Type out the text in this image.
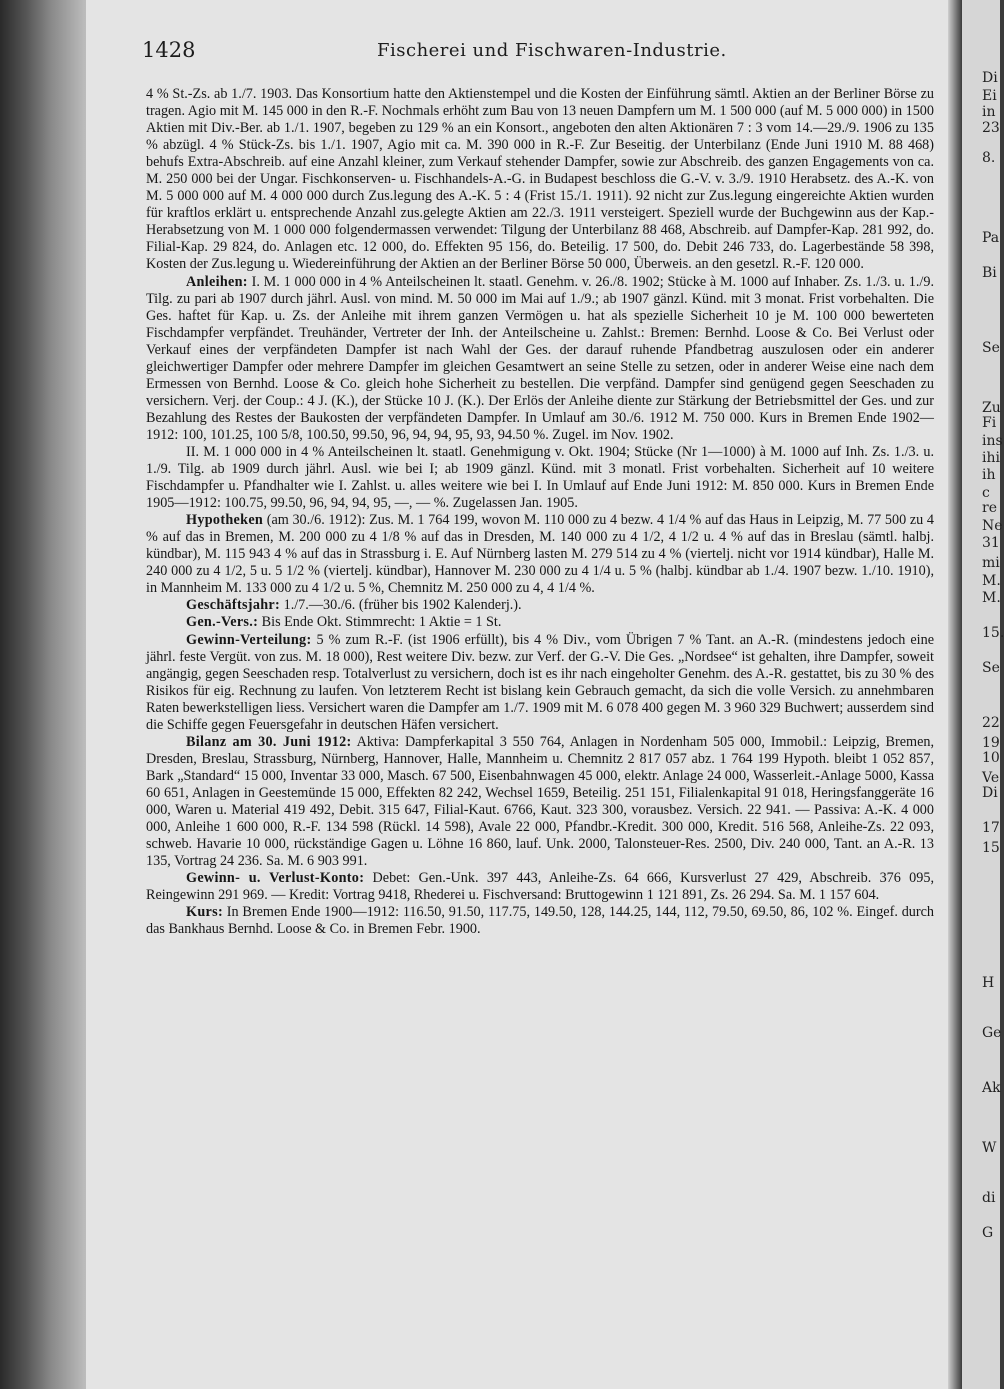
1428	Fischerei und Fischwaren-Industrie.

4 % St.-Zs. ab 1./7. 1903. Das Konsortium hatte den Aktienstempel und die Kosten der Einführung sämtl. Aktien an der Berliner Börse zu tragen. Agio mit M. 145 000 in den R.-F. Nochmals erhöht zum Bau von 13 neuen Dampfern um M. 1 500 000 (auf M. 5 000 000) in 1500 Aktien mit Div.-Ber. ab 1./1. 1907, begeben zu 129 % an ein Konsort., angeboten den alten Aktionären 7 : 3 vom 14.—29./9. 1906 zu 135 % abzügl. 4 % Stück-Zs. bis 1./1. 1907, Agio mit ca. M. 390 000 in R.-F. Zur Beseitig. der Unterbilanz (Ende Juni 1910 M. 88 468) behufs Extra-Abschreib. auf eine Anzahl kleiner, zum Verkauf stehender Dampfer, sowie zur Abschreib. des ganzen Engagements von ca. M. 250 000 bei der Ungar. Fischkonserven- u. Fischhandels-A.-G. in Budapest beschloss die G.-V. v. 3./9. 1910 Herabsetz. des A.-K. von M. 5 000 000 auf M. 4 000 000 durch Zus.legung des A.-K. 5 : 4 (Frist 15./1. 1911). 92 nicht zur Zus.legung eingereichte Aktien wurden für kraftlos erklärt u. entsprechende Anzahl zus.gelegte Aktien am 22./3. 1911 versteigert. Speziell wurde der Buchgewinn aus der Kap.-Herabsetzung von M. 1 000 000 folgendermassen verwendet: Tilgung der Unterbilanz 88 468, Abschreib. auf Dampfer-Kap. 281 992, do. Filial-Kap. 29 824, do. Anlagen etc. 12 000, do. Effekten 95 156, do. Beteilig. 17 500, do. Debit 246 733, do. Lagerbestände 58 398, Kosten der Zus.legung u. Wiedereinführung der Aktien an der Berliner Börse 50 000, Überweis. an den gesetzl. R.-F. 120 000.

Anleihen: I. M. 1 000 000 in 4 % Anteilscheinen lt. staatl. Genehm. v. 26./8. 1902; Stücke à M. 1000 auf Inhaber. Zs. 1./3. u. 1./9. Tilg. zu pari ab 1907 durch jährl. Ausl. von mind. M. 50 000 im Mai auf 1./9.; ab 1907 gänzl. Künd. mit 3 monat. Frist vorbehalten. Die Ges. haftet für Kap. u. Zs. der Anleihe mit ihrem ganzen Vermögen u. hat als spezielle Sicherheit 10 je M. 100 000 bewerteten Fischdampfer verpfändet. Treuhänder, Vertreter der Inh. der Anteilscheine u. Zahlst.: Bremen: Bernhd. Loose & Co. Bei Verlust oder Verkauf eines der verpfändeten Dampfer ist nach Wahl der Ges. der darauf ruhende Pfandbetrag auszulosen oder ein anderer gleichwertiger Dampfer oder mehrere Dampfer im gleichen Gesamtwert an seine Stelle zu setzen, oder in anderer Weise eine nach dem Ermessen von Bernhd. Loose & Co. gleich hohe Sicherheit zu bestellen. Die verpfänd. Dampfer sind genügend gegen Seeschaden zu versichern. Verj. der Coup.: 4 J. (K.), der Stücke 10 J. (K.). Der Erlös der Anleihe diente zur Stärkung der Betriebsmittel der Ges. und zur Bezahlung des Restes der Baukosten der verpfändeten Dampfer. In Umlauf am 30./6. 1912 M. 750 000. Kurs in Bremen Ende 1902—1912: 100, 101.25, 100 5/8, 100.50, 99.50, 96, 94, 94, 95, 93, 94.50 %. Zugel. im Nov. 1902.

II. M. 1 000 000 in 4 % Anteilscheinen lt. staatl. Genehmigung v. Okt. 1904; Stücke (Nr 1—1000) à M. 1000 auf Inh. Zs. 1./3. u. 1./9. Tilg. ab 1909 durch jährl. Ausl. wie bei I; ab 1909 gänzl. Künd. mit 3 monatl. Frist vorbehalten. Sicherheit auf 10 weitere Fischdampfer u. Pfandhalter wie I. Zahlst. u. alles weitere wie bei I. In Umlauf auf Ende Juni 1912: M. 850 000. Kurs in Bremen Ende 1905—1912: 100.75, 99.50, 96, 94, 94, 95, —, — %. Zugelassen Jan. 1905.

Hypotheken (am 30./6. 1912): Zus. M. 1 764 199, wovon M. 110 000 zu 4 bezw. 4 1/4 % auf das Haus in Leipzig, M. 77 500 zu 4 % auf das in Bremen, M. 200 000 zu 4 1/8 % auf das in Dresden, M. 140 000 zu 4 1/2, 4 1/2 u. 4 % auf das in Breslau (sämtl. halbj. kündbar), M. 115 943 4 % auf das in Strassburg i. E. Auf Nürnberg lasten M. 279 514 zu 4 % (viertelj. nicht vor 1914 kündbar), Halle M. 240 000 zu 4 1/2, 5 u. 5 1/2 % (viertelj. kündbar), Hannover M. 230 000 zu 4 1/4 u. 5 % (halbj. kündbar ab 1./4. 1907 bezw. 1./10. 1910), in Mannheim M. 133 000 zu 4 1/2 u. 5 %, Chemnitz M. 250 000 zu 4, 4 1/4 %.

Geschäftsjahr: 1./7.—30./6. (früher bis 1902 Kalenderj.).

Gen.-Vers.: Bis Ende Okt. Stimmrecht: 1 Aktie = 1 St.

Gewinn-Verteilung: 5 % zum R.-F. (ist 1906 erfüllt), bis 4 % Div., vom Übrigen 7 % Tant. an A.-R. (mindestens jedoch eine jährl. feste Vergüt. von zus. M. 18 000), Rest weitere Div. bezw. zur Verf. der G.-V. Die Ges. „Nordsee“ ist gehalten, ihre Dampfer, soweit angängig, gegen Seeschaden resp. Totalverlust zu versichern, doch ist es ihr nach eingeholter Genehm. des A.-R. gestattet, bis zu 30 % des Risikos für eig. Rechnung zu laufen. Von letzterem Recht ist bislang kein Gebrauch gemacht, da sich die volle Versich. zu annehmbaren Raten bewerkstelligen liess. Versichert waren die Dampfer am 1./7. 1909 mit M. 6 078 400 gegen M. 3 960 329 Buchwert; ausserdem sind die Schiffe gegen Feuersgefahr in deutschen Häfen versichert.

Bilanz am 30. Juni 1912: Aktiva: Dampferkapital 3 550 764, Anlagen in Nordenham 505 000, Immobil.: Leipzig, Bremen, Dresden, Breslau, Strassburg, Nürnberg, Hannover, Halle, Mannheim u. Chemnitz 2 817 057 abz. 1 764 199 Hypoth. bleibt 1 052 857, Bark „Standard“ 15 000, Inventar 33 000, Masch. 67 500, Eisenbahnwagen 45 000, elektr. Anlage 24 000, Wasserleit.-Anlage 5000, Kassa 60 651, Anlagen in Geestemünde 15 000, Effekten 82 242, Wechsel 1659, Beteilig. 251 151, Filialenkapital 91 018, Heringsfanggeräte 16 000, Waren u. Material 419 492, Debit. 315 647, Filial-Kaut. 6766, Kaut. 323 300, vorausbez. Versich. 22 941. — Passiva: A.-K. 4 000 000, Anleihe 1 600 000, R.-F. 134 598 (Rückl. 14 598), Avale 22 000, Pfandbr.-Kredit. 300 000, Kredit. 516 568, Anleihe-Zs. 22 093, schweb. Havarie 10 000, rückständige Gagen u. Löhne 16 860, lauf. Unk. 2000, Talonsteuer-Res. 2500, Div. 240 000, Tant. an A.-R. 13 135, Vortrag 24 236. Sa. M. 6 903 991.

Gewinn- u. Verlust-Konto: Debet: Gen.-Unk. 397 443, Anleihe-Zs. 64 666, Kursverlust 27 429, Abschreib. 376 095, Reingewinn 291 969. — Kredit: Vortrag 9418, Rhederei u. Fischversand: Bruttogewinn 1 121 891, Zs. 26 294. Sa. M. 1 157 604.

Kurs: In Bremen Ende 1900—1912: 116.50, 91.50, 117.75, 149.50, 128, 144.25, 144, 112, 79.50, 69.50, 86, 102 %. Eingef. durch das Bankhaus Bernhd. Loose & Co. in Bremen Febr. 1900.

Di
Ei
in
23
8.
Pa
Bi
Se
Zu
Fi
ins
ihi
ih
c
re
Ne
31
mi
M.
M.
15.
Se
22
19
10
Ve
Di
17
15
H
Ge
Ak
W
di
G
